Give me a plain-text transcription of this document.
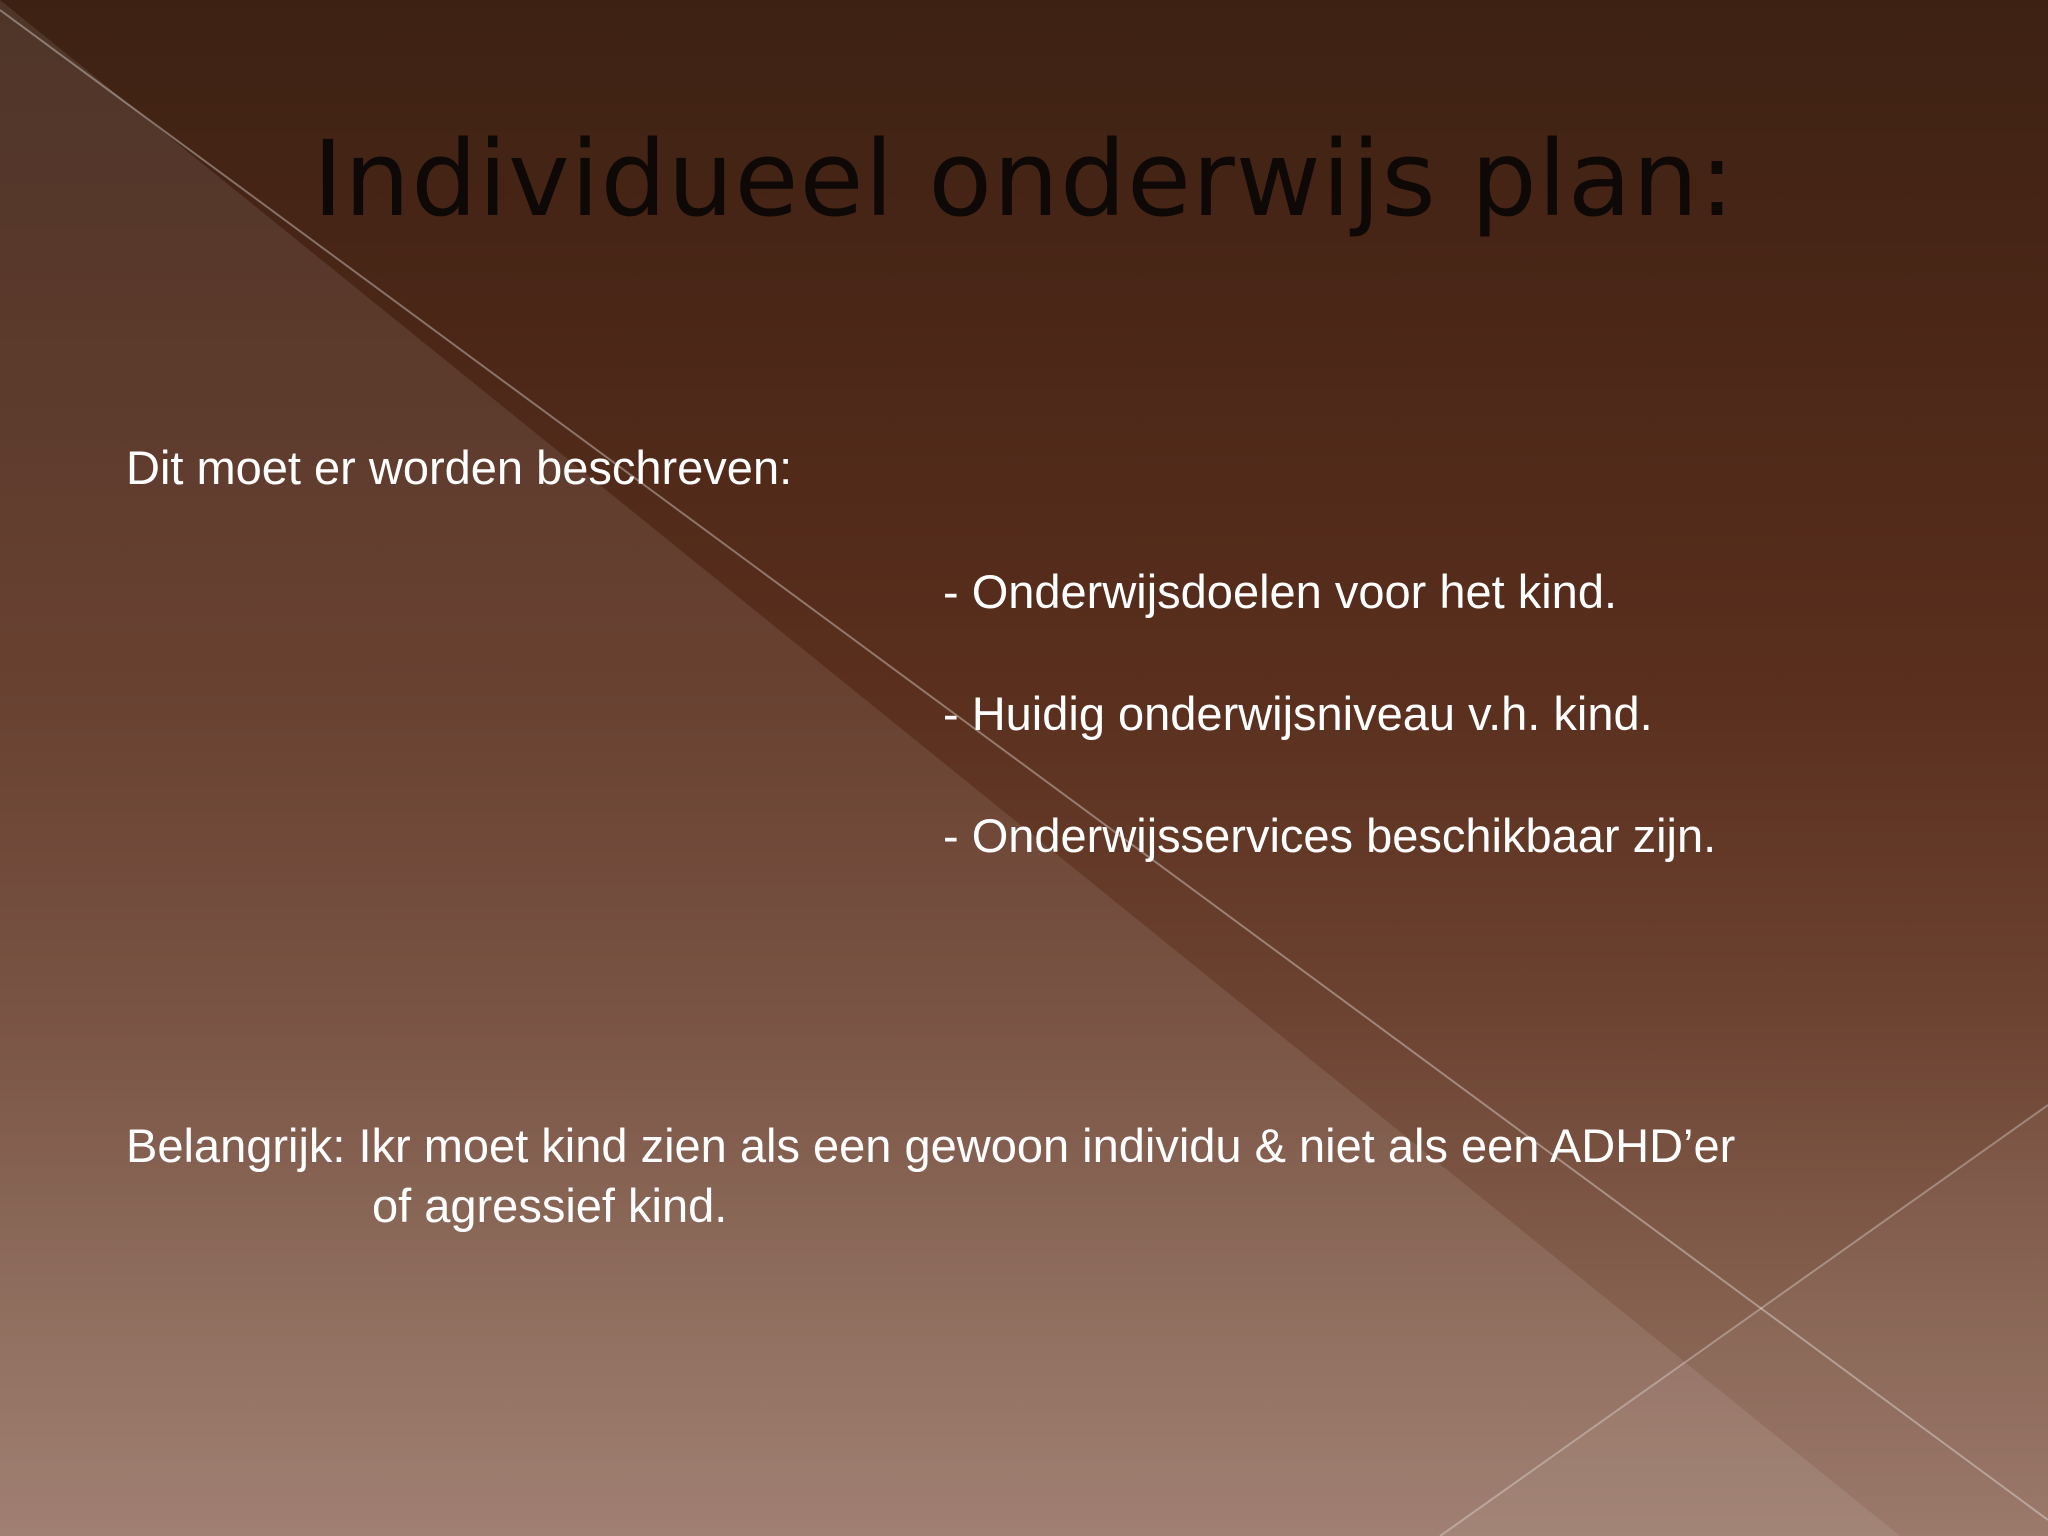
Individueel onderwijs plan:

Dit moet er worden beschreven:

- Onderwijsdoelen voor het kind.

- Huidig onderwijsniveau v.h. kind.

- Onderwijsservices beschikbaar zijn.

Belangrijk: Ikr moet kind zien als een gewoon individu & niet als een ADHD’er

of agressief kind.
